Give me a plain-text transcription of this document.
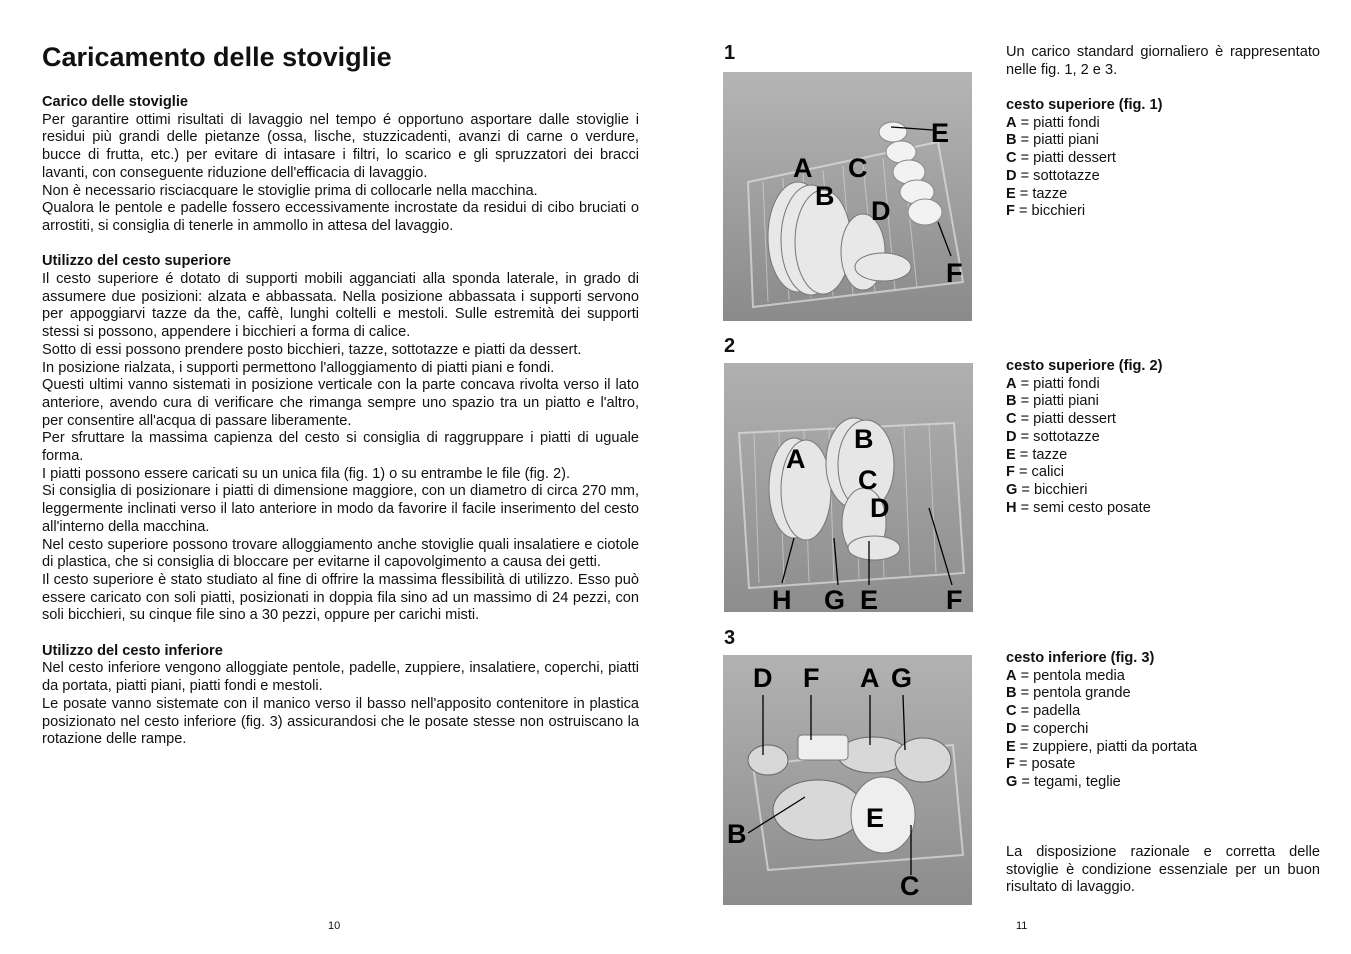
Caricamento delle stoviglie
Carico delle stoviglie

Per garantire ottimi risultati di lavaggio nel tempo é opportuno asportare dalle stoviglie i residui più grandi delle pietanze (ossa, lische, stuzzicadenti, avanzi di carne o verdure, bucce di frutta, etc.) per evitare di intasare i filtri, lo scarico e gli spruzzatori dei bracci lavanti, con conseguente riduzione dell'efficacia di lavaggio.

Non è necessario risciacquare le stoviglie prima di collocarle nella macchina.

Qualora le pentole e padelle fossero eccessivamente incrostate da residui di cibo bruciati o arrostiti, si consiglia di tenerle in ammollo in attesa del lavaggio.

Utilizzo del cesto superiore

Il cesto superiore é dotato di supporti mobili agganciati alla sponda laterale, in grado di assumere due posizioni: alzata e abbassata. Nella posizione abbassata i supporti servono per appoggiarvi tazze da the, caffè, lunghi coltelli e mestoli. Sulle estremità dei supporti stessi si possono, appendere i bicchieri a forma di calice.

Sotto di essi possono prendere posto bicchieri, tazze, sottotazze e piatti da dessert.

In posizione rialzata, i supporti permettono l'alloggiamento di piatti piani e fondi.

Questi ultimi vanno sistemati in posizione verticale con la parte concava rivolta verso il lato anteriore, avendo cura di verificare che rimanga sempre uno spazio tra un piatto e l'altro, per consentire all'acqua di passare liberamente.

Per sfruttare la massima capienza del cesto si consiglia di raggruppare i piatti di uguale forma.

I piatti possono essere caricati su un unica fila (fig. 1) o su entrambe le file (fig. 2).

Si consiglia di posizionare i piatti di dimensione maggiore, con un diametro di circa 270 mm, leggermente inclinati verso il lato anteriore in modo da favorire il facile inserimento del cesto all'interno della macchina.

Nel cesto superiore possono trovare alloggiamento anche stoviglie quali insalatiere e ciotole di plastica, che si consiglia di bloccare per evitarne il capovolgimento a causa dei getti.

Il cesto superiore è stato studiato al fine di offrire la massima flessibilità di utilizzo. Esso può essere caricato con soli piatti, posizionati in doppia fila sino ad un massimo di 24 pezzi, con soli bicchieri, su cinque file sino a 30 pezzi, oppure per carichi misti.

Utilizzo del cesto inferiore

Nel cesto inferiore vengono alloggiate pentole, padelle, zuppiere, insalatiere, coperchi, piatti da portata, piatti piani, piatti fondi e mestoli.

Le posate vanno sistemate con il manico verso il basso nell'apposito contenitore in plastica posizionato nel cesto inferiore (fig. 3) assicurandosi che le posate stesse non ostruiscano la rotazione delle rampe.

10
1
E
A C
B D
F
2
B
A
C
D
H G E	F
3
D F A G
E
B
C

Un carico standard giornaliero è rappresentato nelle fig. 1, 2 e 3.

cesto superiore (fig. 1)
A = piatti fondi
B = piatti piani
C = piatti dessert
D = sottotazze
E = tazze
F = bicchieri
cesto superiore (fig. 2)
A = piatti fondi
B = piatti piani
C = piatti dessert
D = sottotazze
E = tazze
F = calici
G = bicchieri
H = semi cesto posate
cesto inferiore (fig. 3)
A = pentola media
B = pentola grande
C = padella
D = coperchi
E = zuppiere, piatti da portata
F = posate
G = tegami, teglie

La disposizione razionale e corretta delle stoviglie è condizione essenziale per un buon risultato di lavaggio.

11
